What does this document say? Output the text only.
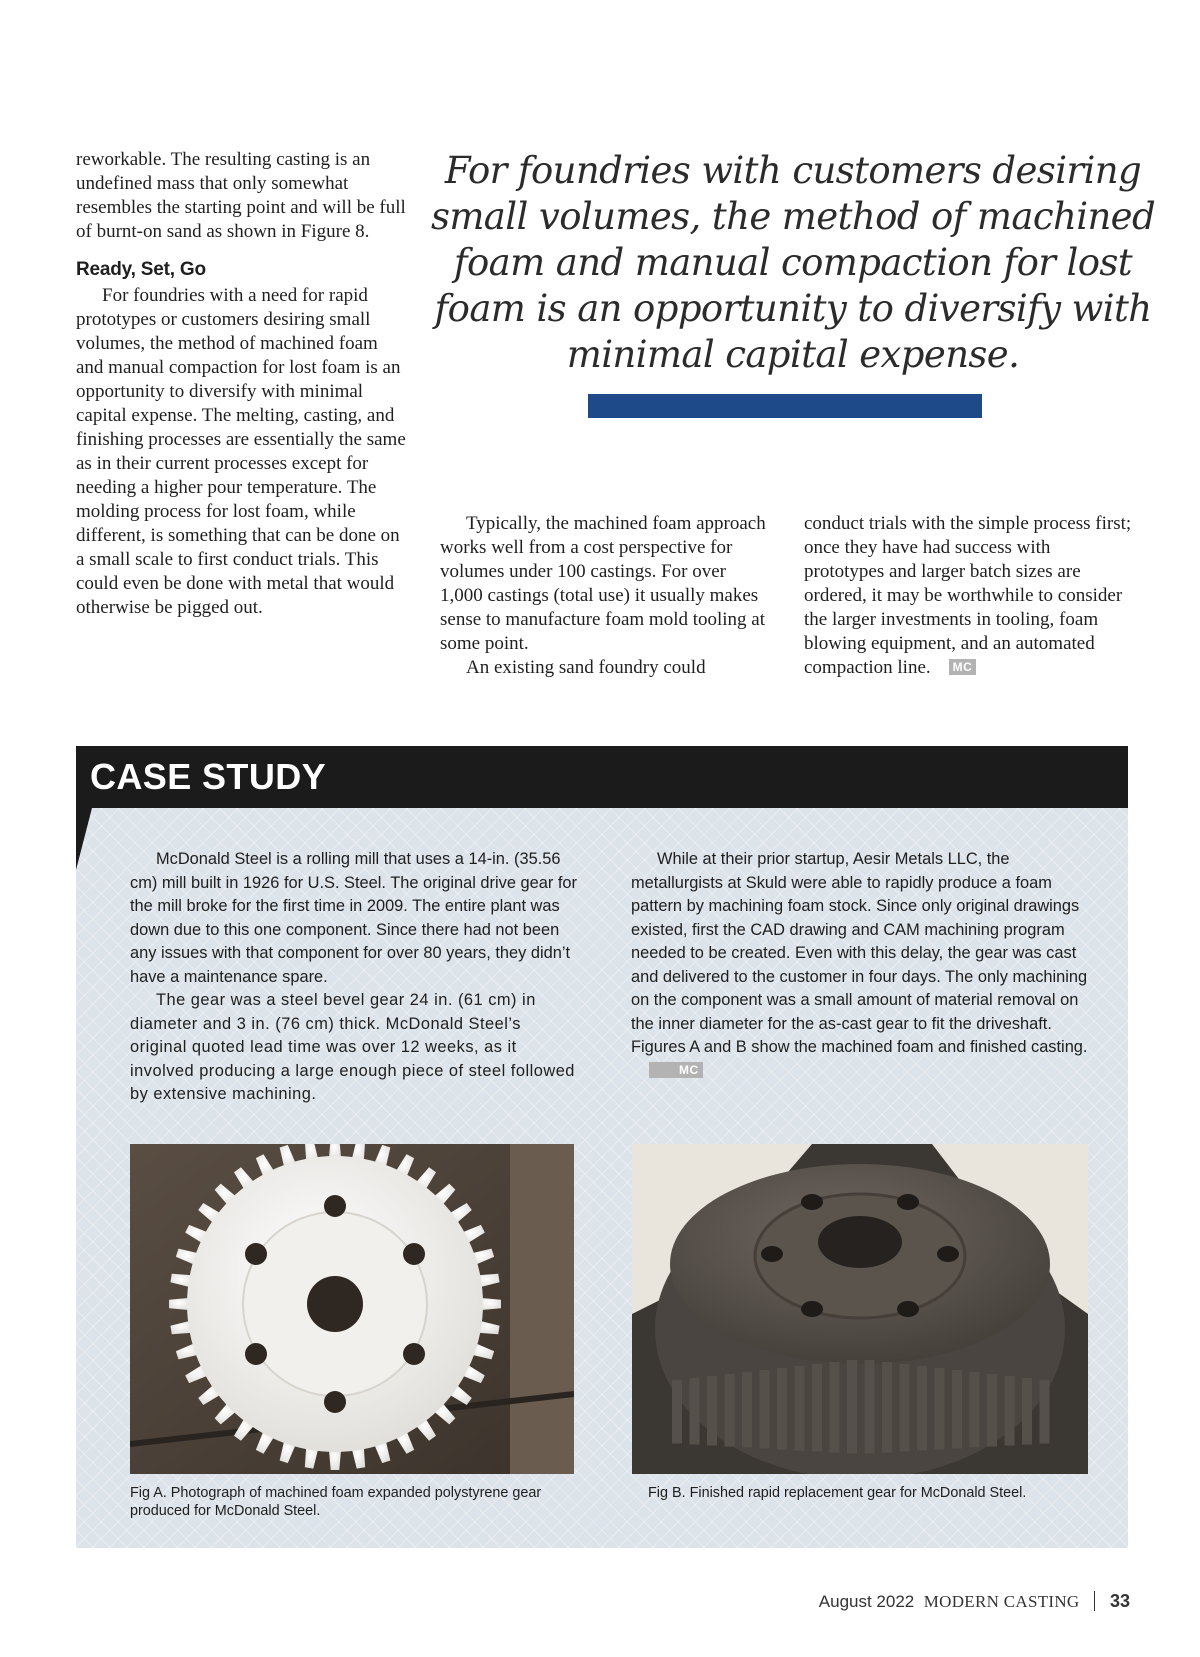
reworkable. The resulting casting is an undefined mass that only somewhat resembles the starting point and will be full of burnt-on sand as shown in Figure 8.

Ready, Set, Go

For foundries with a need for rapid prototypes or customers desiring small volumes, the method of machined foam and manual compaction for lost foam is an opportunity to diversify with minimal capital expense. The melting, casting, and finishing processes are essentially the same as in their current processes except for needing a higher pour temperature. The molding process for lost foam, while different, is something that can be done on a small scale to first conduct trials. This could even be done with metal that would otherwise be pigged out.

For foundries with customers desiring small volumes, the method of machined foam and manual compaction for lost foam is an opportunity to diversify with minimal capital expense.

Typically, the machined foam approach works well from a cost perspective for volumes under 100 castings. For over 1,000 castings (total use) it usually makes sense to manufacture foam mold tooling at some point.

An existing sand foundry could

conduct trials with the simple process first; once they have had success with prototypes and larger batch sizes are ordered, it may be worthwhile to consider the larger investments in tooling, foam blowing equipment, and an automated compaction line. MC

CASE STUDY

McDonald Steel is a rolling mill that uses a 14-in. (35.56 cm) mill built in 1926 for U.S. Steel. The original drive gear for the mill broke for the first time in 2009. The entire plant was down due to this one component. Since there had not been any issues with that component for over 80 years, they didn’t have a maintenance spare.

The gear was a steel bevel gear 24 in. (61 cm) in diameter and 3 in. (76 cm) thick. McDonald Steel’s original quoted lead time was over 12 weeks, as it involved producing a large enough piece of steel followed by extensive machining.

While at their prior startup, Aesir Metals LLC, the metallurgists at Skuld were able to rapidly produce a foam pattern by machining foam stock. Since only original drawings existed, first the CAD drawing and CAM machining program needed to be created. Even with this delay, the gear was cast and delivered to the customer in four days. The only machining on the component was a small amount of material removal on the inner diameter for the as-cast gear to fit the driveshaft. Figures A and B show the machined foam and finished casting.MC

Fig A. Photograph of machined foam expanded polystyrene gear produced for McDonald Steel.
Fig B. Finished rapid replacement gear for McDonald Steel.
August 2022 MODERN CASTING 33
